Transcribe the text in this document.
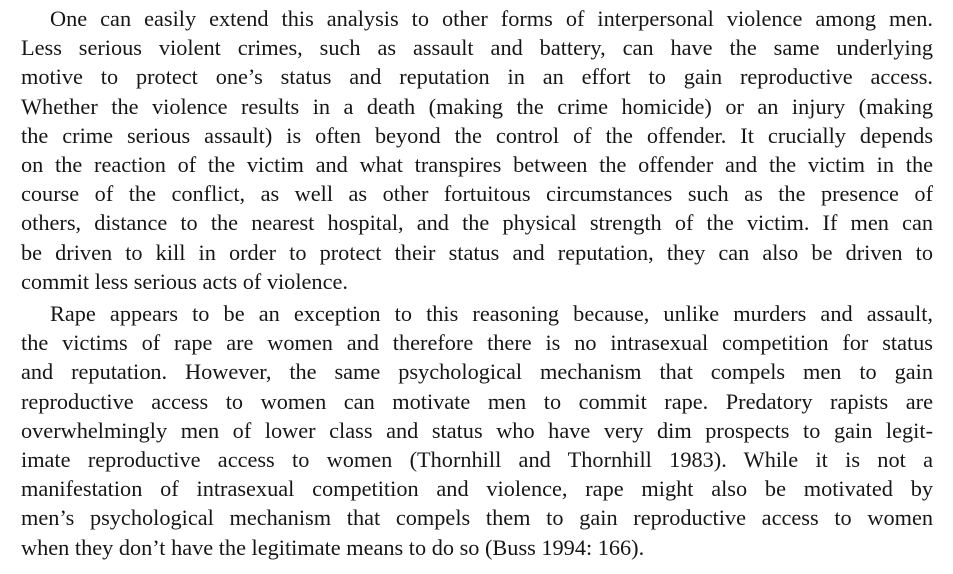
One can easily extend this analysis to other forms of interpersonal violence among men.
Less serious violent crimes, such as assault and battery, can have the same underlying
motive to protect one’s status and reputation in an effort to gain reproductive access.
Whether the violence results in a death (making the crime homicide) or an injury (making
the crime serious assault) is often beyond the control of the offender. It crucially depends
on the reaction of the victim and what transpires between the offender and the victim in the
course of the conflict, as well as other fortuitous circumstances such as the presence of
others, distance to the nearest hospital, and the physical strength of the victim. If men can
be driven to kill in order to protect their status and reputation, they can also be driven to
commit less serious acts of violence.

Rape appears to be an exception to this reasoning because, unlike murders and assault,
the victims of rape are women and therefore there is no intrasexual competition for status
and reputation. However, the same psychological mechanism that compels men to gain
reproductive access to women can motivate men to commit rape. Predatory rapists are
overwhelmingly men of lower class and status who have very dim prospects to gain legit-
imate reproductive access to women (Thornhill and Thornhill 1983). While it is not a
manifestation of intrasexual competition and violence, rape might also be motivated by
men’s psychological mechanism that compels them to gain reproductive access to women
when they don’t have the legitimate means to do so (Buss 1994: 166).
